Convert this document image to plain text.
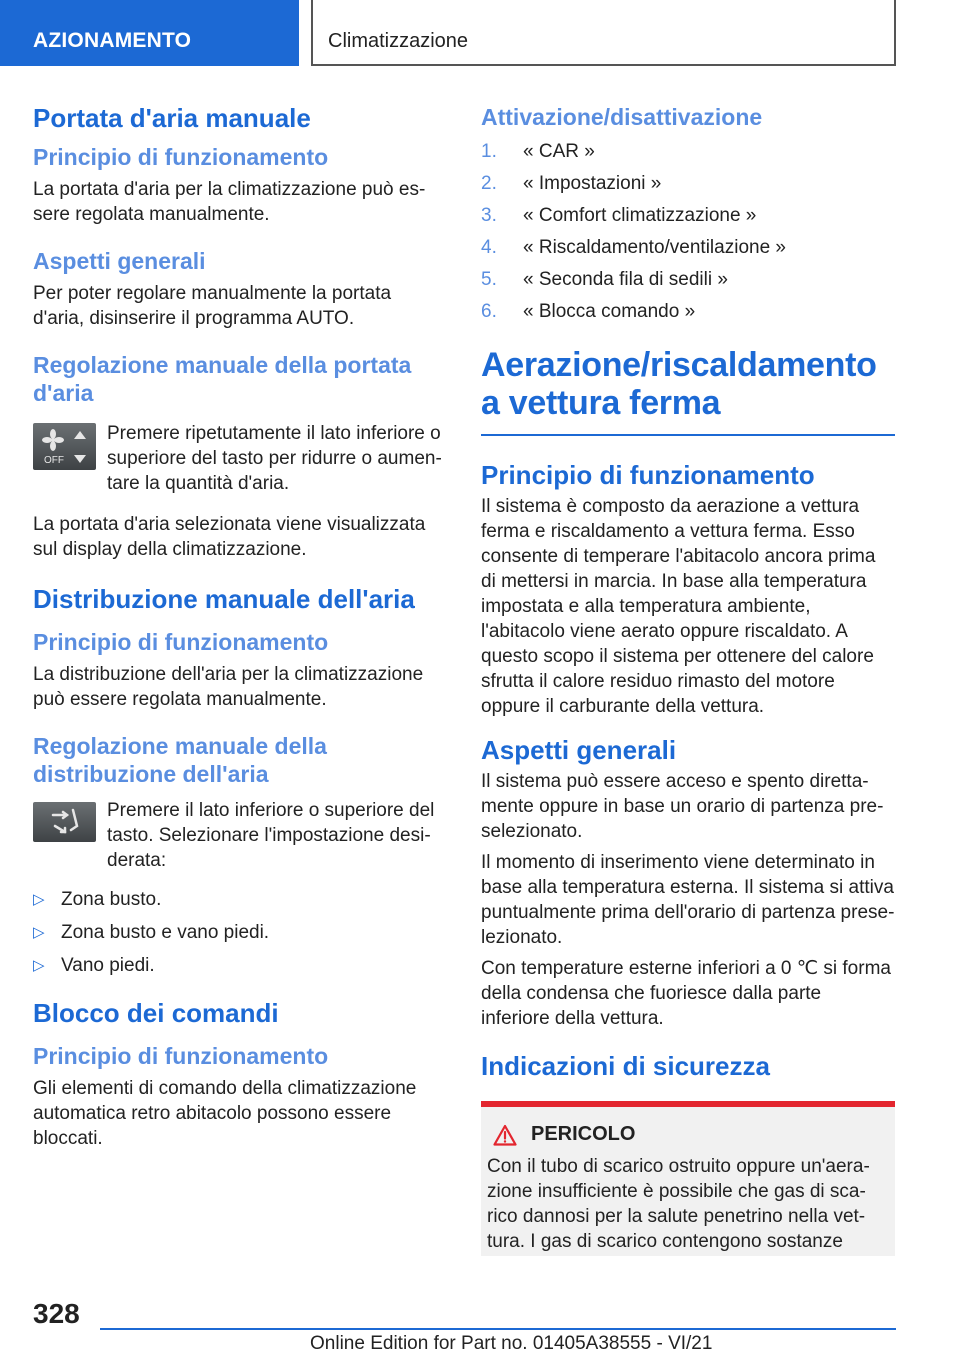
AZIONAMENTO	Climatizzazione
Portata d'aria manuale
Principio di funzionamento

La portata d'aria per la climatizzazione può essere regolata manualmente.

Aspetti generali

Per poter regolare manualmente la portata d'aria, disinserire il programma AUTO.

Regolazione manuale della portata d'aria
OFF

Premere ripetutamente il lato inferiore o superiore del tasto per ridurre o aumentare la quantità d'aria.

La portata d'aria selezionata viene visualizzata sul display della climatizzazione.

Distribuzione manuale dell'aria
Principio di funzionamento

La distribuzione dell'aria per la climatizzazione può essere regolata manualmente.

Regolazione manuale della distribuzione dell'aria

Premere il lato inferiore o superiore del tasto. Selezionare l'impostazione desiderata:

▷ Zona busto.
▷ Zona busto e vano piedi.
▷ Vano piedi.
Blocco dei comandi
Principio di funzionamento

Gli elementi di comando della climatizzazione automatica retro abitacolo possono essere bloccati.

Attivazione/disattivazione
1. « CAR »
2. « Impostazioni »
3. « Comfort climatizzazione »
4. « Riscaldamento/ventilazione »
5. « Seconda fila di sedili »
6. « Blocca comando »
Aerazione/riscaldamento a vettura ferma
Principio di funzionamento

Il sistema è composto da aerazione a vettura ferma e riscaldamento a vettura ferma. Esso consente di temperare l'abitacolo ancora prima di mettersi in marcia. In base alla temperatura impostata e alla temperatura ambiente, l'abitacolo viene aerato oppure riscaldato. A questo scopo il sistema per ottenere del calore sfrutta il calore residuo rimasto del motore oppure il carburante della vettura.

Aspetti generali

Il sistema può essere acceso e spento direttamente oppure in base un orario di partenza preselezionato.

Il momento di inserimento viene determinato in base alla temperatura esterna. Il sistema si attiva puntualmente prima dell'orario di partenza preselezionato.

Con temperature esterne inferiori a 0 ℃ si forma della condensa che fuoriesce dalla parte inferiore della vettura.

Indicazioni di sicurezza
PERICOLO

Con il tubo di scarico ostruito oppure un'aerazione insufficiente è possibile che gas di scarico dannosi per la salute penetrino nella vettura. I gas di scarico contengono sostanze

328
Online Edition for Part no. 01405A38555 - VI/21
